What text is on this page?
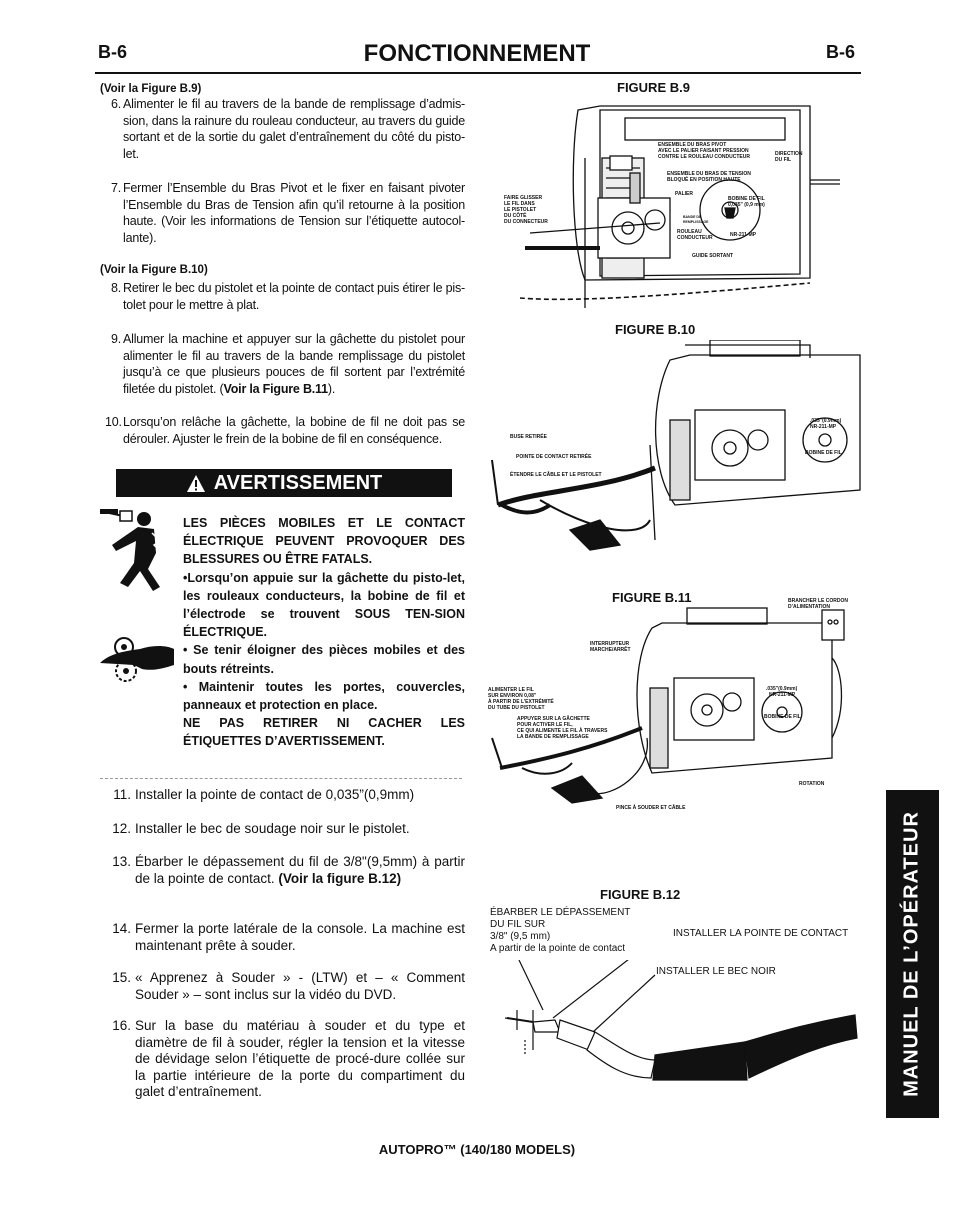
B-6	FONCTIONNEMENT	B-6
(Voir la Figure B.9)
6. Alimenter le fil au travers de la bande de remplissage d’admis-sion, dans la rainure du rouleau conducteur, au travers du guide sortant et de la sortie du galet d’entraînement du côté du pisto-let.
7. Fermer l’Ensemble du Bras Pivot et le fixer en faisant pivoter l’Ensemble du Bras de Tension afin qu’il retourne à la position haute. (Voir les informations de Tension sur l’étiquette autocol-lante).
(Voir la Figure B.10)
8. Retirer le bec du pistolet et la pointe de contact puis étirer le pis-tolet pour le mettre à plat.
9. Allumer la machine et appuyer sur la gâchette du pistolet pour alimenter le fil au travers de la bande remplissage du pistolet jusqu’à ce que plusieurs pouces de fil sortent par l’extrémité filetée du pistolet. (Voir la Figure B.11).
10. Lorsqu’on relâche la gâchette, la bobine de fil ne doit pas se dérouler. Ajuster le frein de la bobine de fil en conséquence.
AVERTISSEMENT

LES PIÈCES MOBILES ET LE CONTACT ÉLECTRIQUE PEUVENT PROVOQUER DES BLESSURES OU ÊTRE FATALS.

•Lorsqu’on appuie sur la gâchette du pisto-let, les rouleaux conducteurs, la bobine de fil et l’électrode se trouvent SOUS TEN-SION ÉLECTRIQUE.

• Se tenir éloigner des pièces mobiles et des bouts rétreints.

• Maintenir toutes les portes, couvercles, panneaux et protection en place.

NE PAS RETIRER NI CACHER LES ÉTIQUETTES D’AVERTISSEMENT.

11. Installer la pointe de contact de 0,035”(0,9mm)
12. Installer le bec de soudage noir sur le pistolet.
13. Ébarber le dépassement du fil de 3/8"(9,5mm) à partir de la pointe de contact. (Voir la figure B.12)
14. Fermer la porte latérale de la console. La machine est maintenant prête à souder.
15. « Apprenez à Souder » - (LTW) et – « Comment Souder » – sont inclus sur la vidéo du DVD.
16. Sur la base du matériau à souder et du type et diamètre de fil à souder, régler la tension et la vitesse de dévidage selon l’étiquette de procé-dure collée sur la partie intérieure de la porte du compartiment du galet d’entraînement.
FIGURE B.9
FIGURE B.10
FIGURE B.11
FIGURE B.12
ENSEMBLE DU BRAS PIVOT
AVEC LE PALIER FAISANT PRESSION
CONTRE LE ROULEAU CONDUCTEUR
ENSEMBLE DU BRAS DE TENSION
BLOQUÉ EN POSITION HAUTE
DIRECTION
DU FIL
PALIER
FAIRE GLISSER
LE FIL DANS
LE PISTOLET
DU CÔTÉ
DU CONNECTEUR
BOBINE DE FIL
0,035" (0,9 mm)
BANDE DE
REMPLISSAGE
ROULEAU
CONDUCTEUR	NR-211-MP
GUIDE SORTANT
BUSE RETIRÉE
POINTE DE CONTACT RETIRÉE
ÉTENDRE LE CÂBLE ET LE PISTOLET
.035"(0.9mm)
NR-211-MP
BOBINE DE FIL
BRANCHER LE CORDON
D’ALIMENTATION
INTERRUPTEUR
MARCHE/ARRÊT
ALIMENTER LE FIL
SUR ENVIRON 0,08"
À PARTIR DE L’EXTRÉMITÉ
DU TUBE DU PISTOLET
APPUYER SUR LA GÂCHETTE
POUR ACTIVER LE FIL,
CE QUI ALIMENTE LE FIL À TRAVERS
LA BANDE DE REMPLISSAGE
.035"(0.9mm)
NR-211-MP
BOBINE DE FIL
ROTATION
PINCE À SOUDER ET CÂBLE
ÉBARBER LE DÉPASSEMENT
DU FIL SUR
3/8" (9,5 mm)
A partir de la pointe de contact
INSTALLER LA POINTE DE CONTACT
INSTALLER LE BEC NOIR	MANUEL DE L’OPÉRATEUR
AUTOPRO™ (140/180 MODELS)
